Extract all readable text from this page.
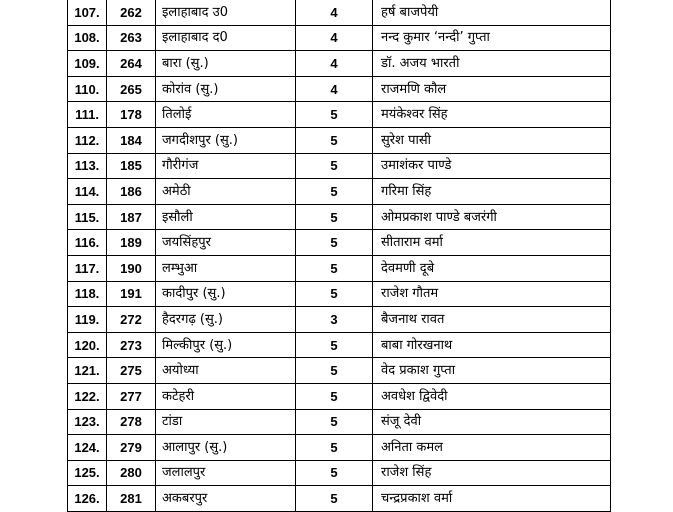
107.	262	इलाहाबाद उ0	4	हर्ष बाजपेयी
108.	263	इलाहाबाद द0	4	नन्द कुमार ‘नन्दी’ गुप्ता
109.	264	बारा (सु.)	4	डॉ. अजय भारती
110.	265	कोरांव (सु.)	4	राजमणि कौल
111.	178	तिलोई	5	मयंकेश्वर सिंह
112.	184	जगदीशपुर (सु.)	5	सुरेश पासी
113.	185	गौरीगंज	5	उमाशंकर पाण्डे
114.	186	अमेठी	5	गरिमा सिंह
115.	187	इसौली	5	ओमप्रकाश पाण्डे बजरंगी
116.	189	जयसिंहपुर	5	सीताराम वर्मा
117.	190	लम्भुआ	5	देवमणी दूबे
118.	191	कादीपुर (सु.)	5	राजेश गौतम
119.	272	हैदरगढ़ (सु.)	3	बैजनाथ रावत
120.	273	मिल्कीपुर (सु.)	5	बाबा गोरखनाथ
121.	275	अयोध्या	5	वेद प्रकाश गुप्ता
122.	277	कटेहरी	5	अवधेश द्विवेदी
123.	278	टांडा	5	संजू देवी
124.	279	आलापुर (सु.)	5	अनिता कमल
125.	280	जलालपुर	5	राजेश सिंह
126.	281	अकबरपुर	5	चन्द्रप्रकाश वर्मा
